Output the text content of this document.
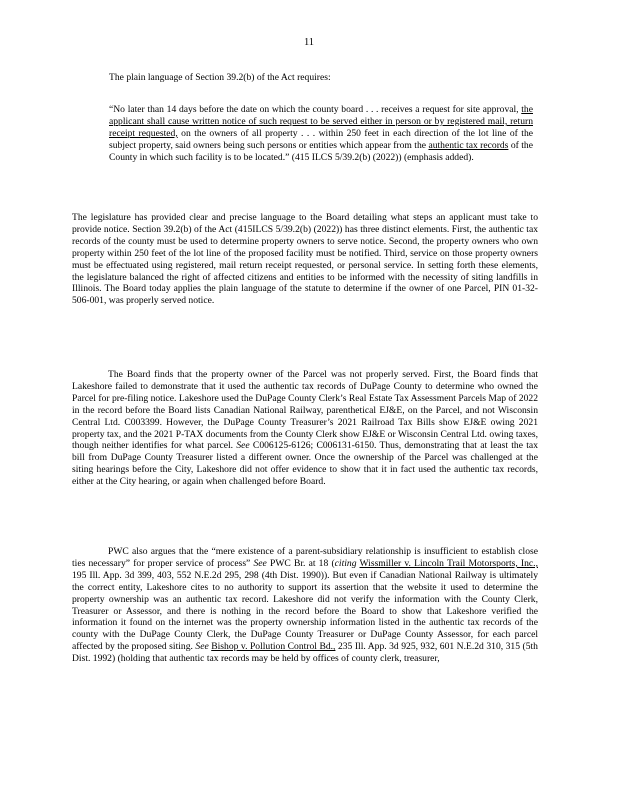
11

The plain language of Section 39.2(b) of the Act requires:

“No later than 14 days before the date on which the county board . . . receives a request for site approval, the applicant shall cause written notice of such request to be served either in person or by registered mail, return receipt requested, on the owners of all property . . . within 250 feet in each direction of the lot line of the subject property, said owners being such persons or entities which appear from the authentic tax records of the County in which such facility is to be located.” (415 ILCS 5/39.2(b) (2022)) (emphasis added).

The legislature has provided clear and precise language to the Board detailing what steps an applicant must take to provide notice. Section 39.2(b) of the Act (415ILCS 5/39.2(b) (2022)) has three distinct elements. First, the authentic tax records of the county must be used to determine property owners to serve notice. Second, the property owners who own property within 250 feet of the lot line of the proposed facility must be notified. Third, service on those property owners must be effectuated using registered, mail return receipt requested, or personal service. In setting forth these elements, the legislature balanced the right of affected citizens and entities to be informed with the necessity of siting landfills in Illinois. The Board today applies the plain language of the statute to determine if the owner of one Parcel, PIN 01-32-506-001, was properly served notice.

The Board finds that the property owner of the Parcel was not properly served. First, the Board finds that Lakeshore failed to demonstrate that it used the authentic tax records of DuPage County to determine who owned the Parcel for pre-filing notice. Lakeshore used the DuPage County Clerk’s Real Estate Tax Assessment Parcels Map of 2022 in the record before the Board lists Canadian National Railway, parenthetical EJ&E, on the Parcel, and not Wisconsin Central Ltd. C003399. However, the DuPage County Treasurer’s 2021 Railroad Tax Bills show EJ&E owing 2021 property tax, and the 2021 P-TAX documents from the County Clerk show EJ&E or Wisconsin Central Ltd. owing taxes, though neither identifies for what parcel. See C006125-6126; C006131-6150. Thus, demonstrating that at least the tax bill from DuPage County Treasurer listed a different owner. Once the ownership of the Parcel was challenged at the siting hearings before the City, Lakeshore did not offer evidence to show that it in fact used the authentic tax records, either at the City hearing, or again when challenged before Board.

PWC also argues that the “mere existence of a parent-subsidiary relationship is insufficient to establish close ties necessary” for proper service of process” See PWC Br. at 18 (citing Wissmiller v. Lincoln Trail Motorsports, Inc., 195 Ill. App. 3d 399, 403, 552 N.E.2d 295, 298 (4th Dist. 1990)). But even if Canadian National Railway is ultimately the correct entity, Lakeshore cites to no authority to support its assertion that the website it used to determine the property ownership was an authentic tax record. Lakeshore did not verify the information with the County Clerk, Treasurer or Assessor, and there is nothing in the record before the Board to show that Lakeshore verified the information it found on the internet was the property ownership information listed in the authentic tax records of the county with the DuPage County Clerk, the DuPage County Treasurer or DuPage County Assessor, for each parcel affected by the proposed siting. See Bishop v. Pollution Control Bd., 235 Ill. App. 3d 925, 932, 601 N.E.2d 310, 315 (5th Dist. 1992) (holding that authentic tax records may be held by offices of county clerk, treasurer,
